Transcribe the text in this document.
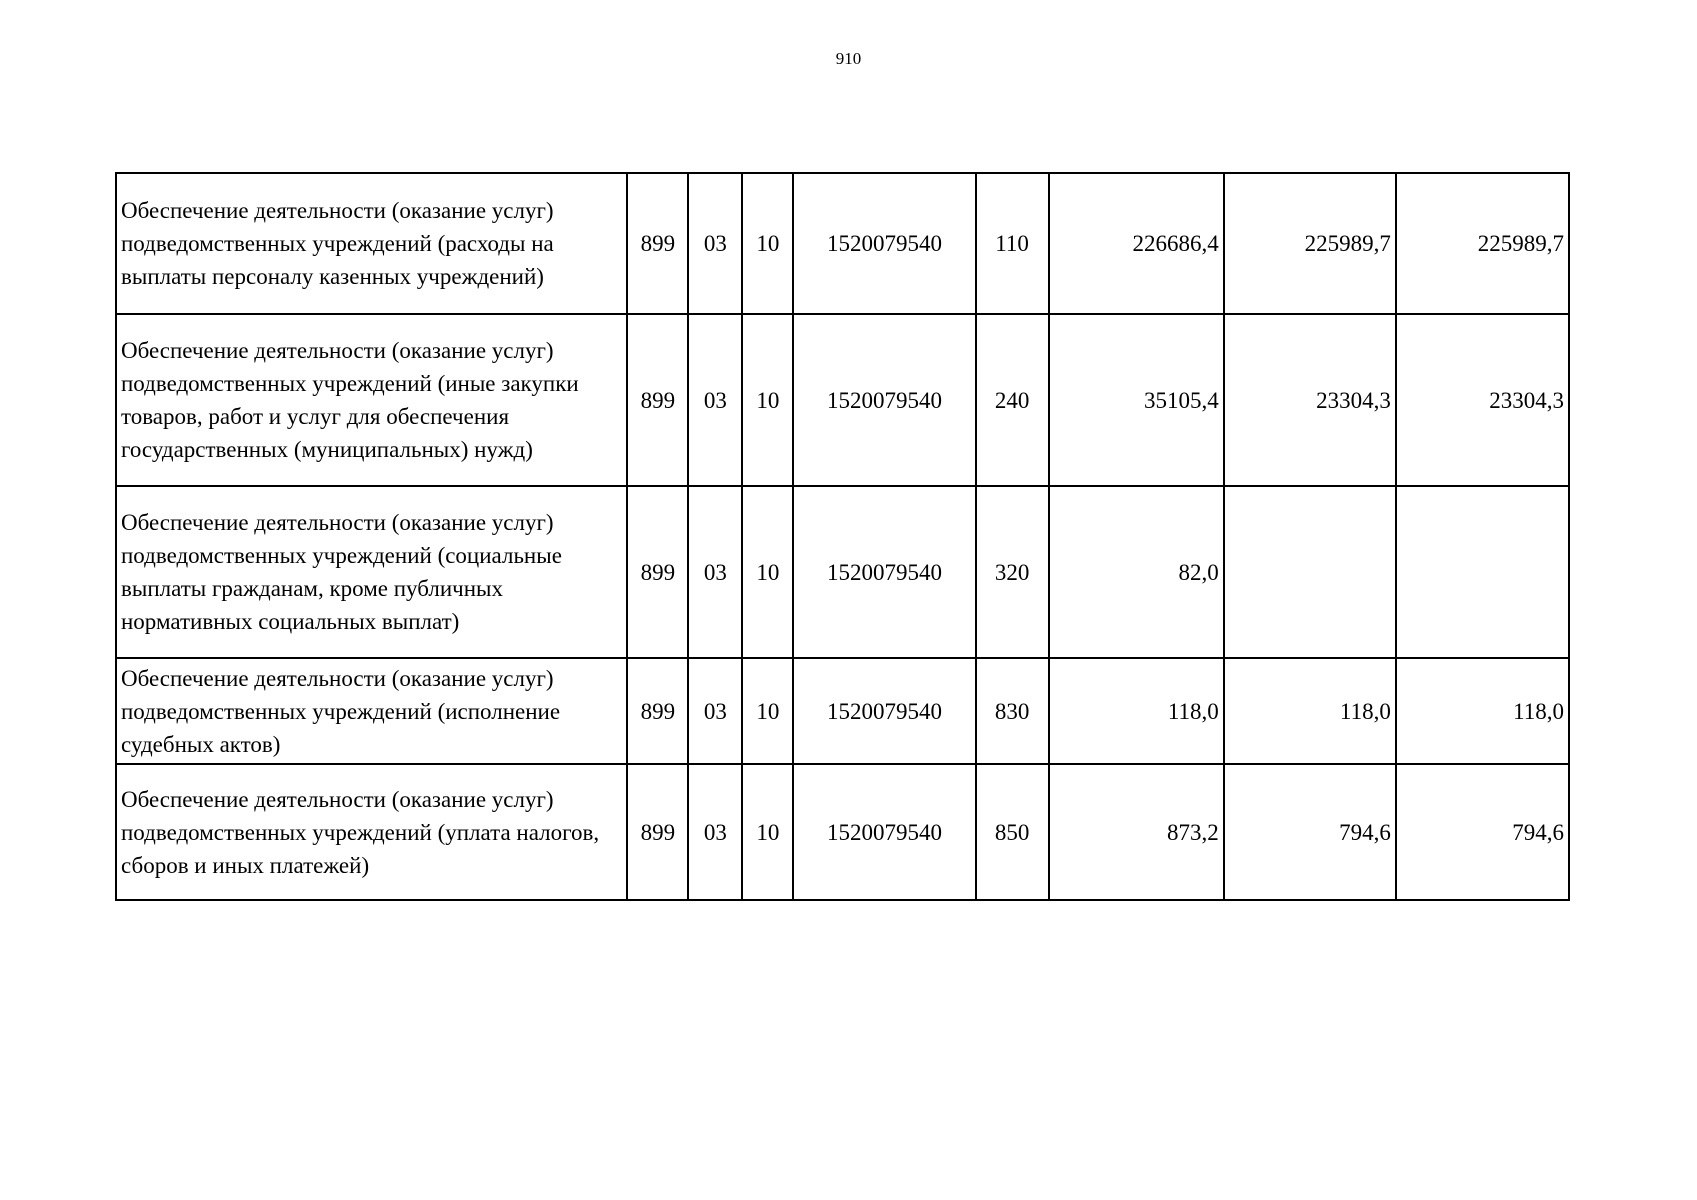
910
Обеспечение деятельности (оказание услуг) подведомственных учреждений (расходы на выплаты персоналу казенных учреждений)	899	03	10	1520079540	110	226686,4	225989,7	225989,7
Обеспечение деятельности (оказание услуг) подведомственных учреждений (иные закупки товаров, работ и услуг для обеспечения государственных (муниципальных) нужд)	899	03	10	1520079540	240	35105,4	23304,3	23304,3
Обеспечение деятельности (оказание услуг) подведомственных учреждений (социальные выплаты гражданам, кроме публичных нормативных социальных выплат)	899	03	10	1520079540	320	82,0		
Обеспечение деятельности (оказание услуг) подведомственных учреждений (исполнение судебных актов)	899	03	10	1520079540	830	118,0	118,0	118,0
Обеспечение деятельности (оказание услуг) подведомственных учреждений (уплата налогов, сборов и иных платежей)	899	03	10	1520079540	850	873,2	794,6	794,6
